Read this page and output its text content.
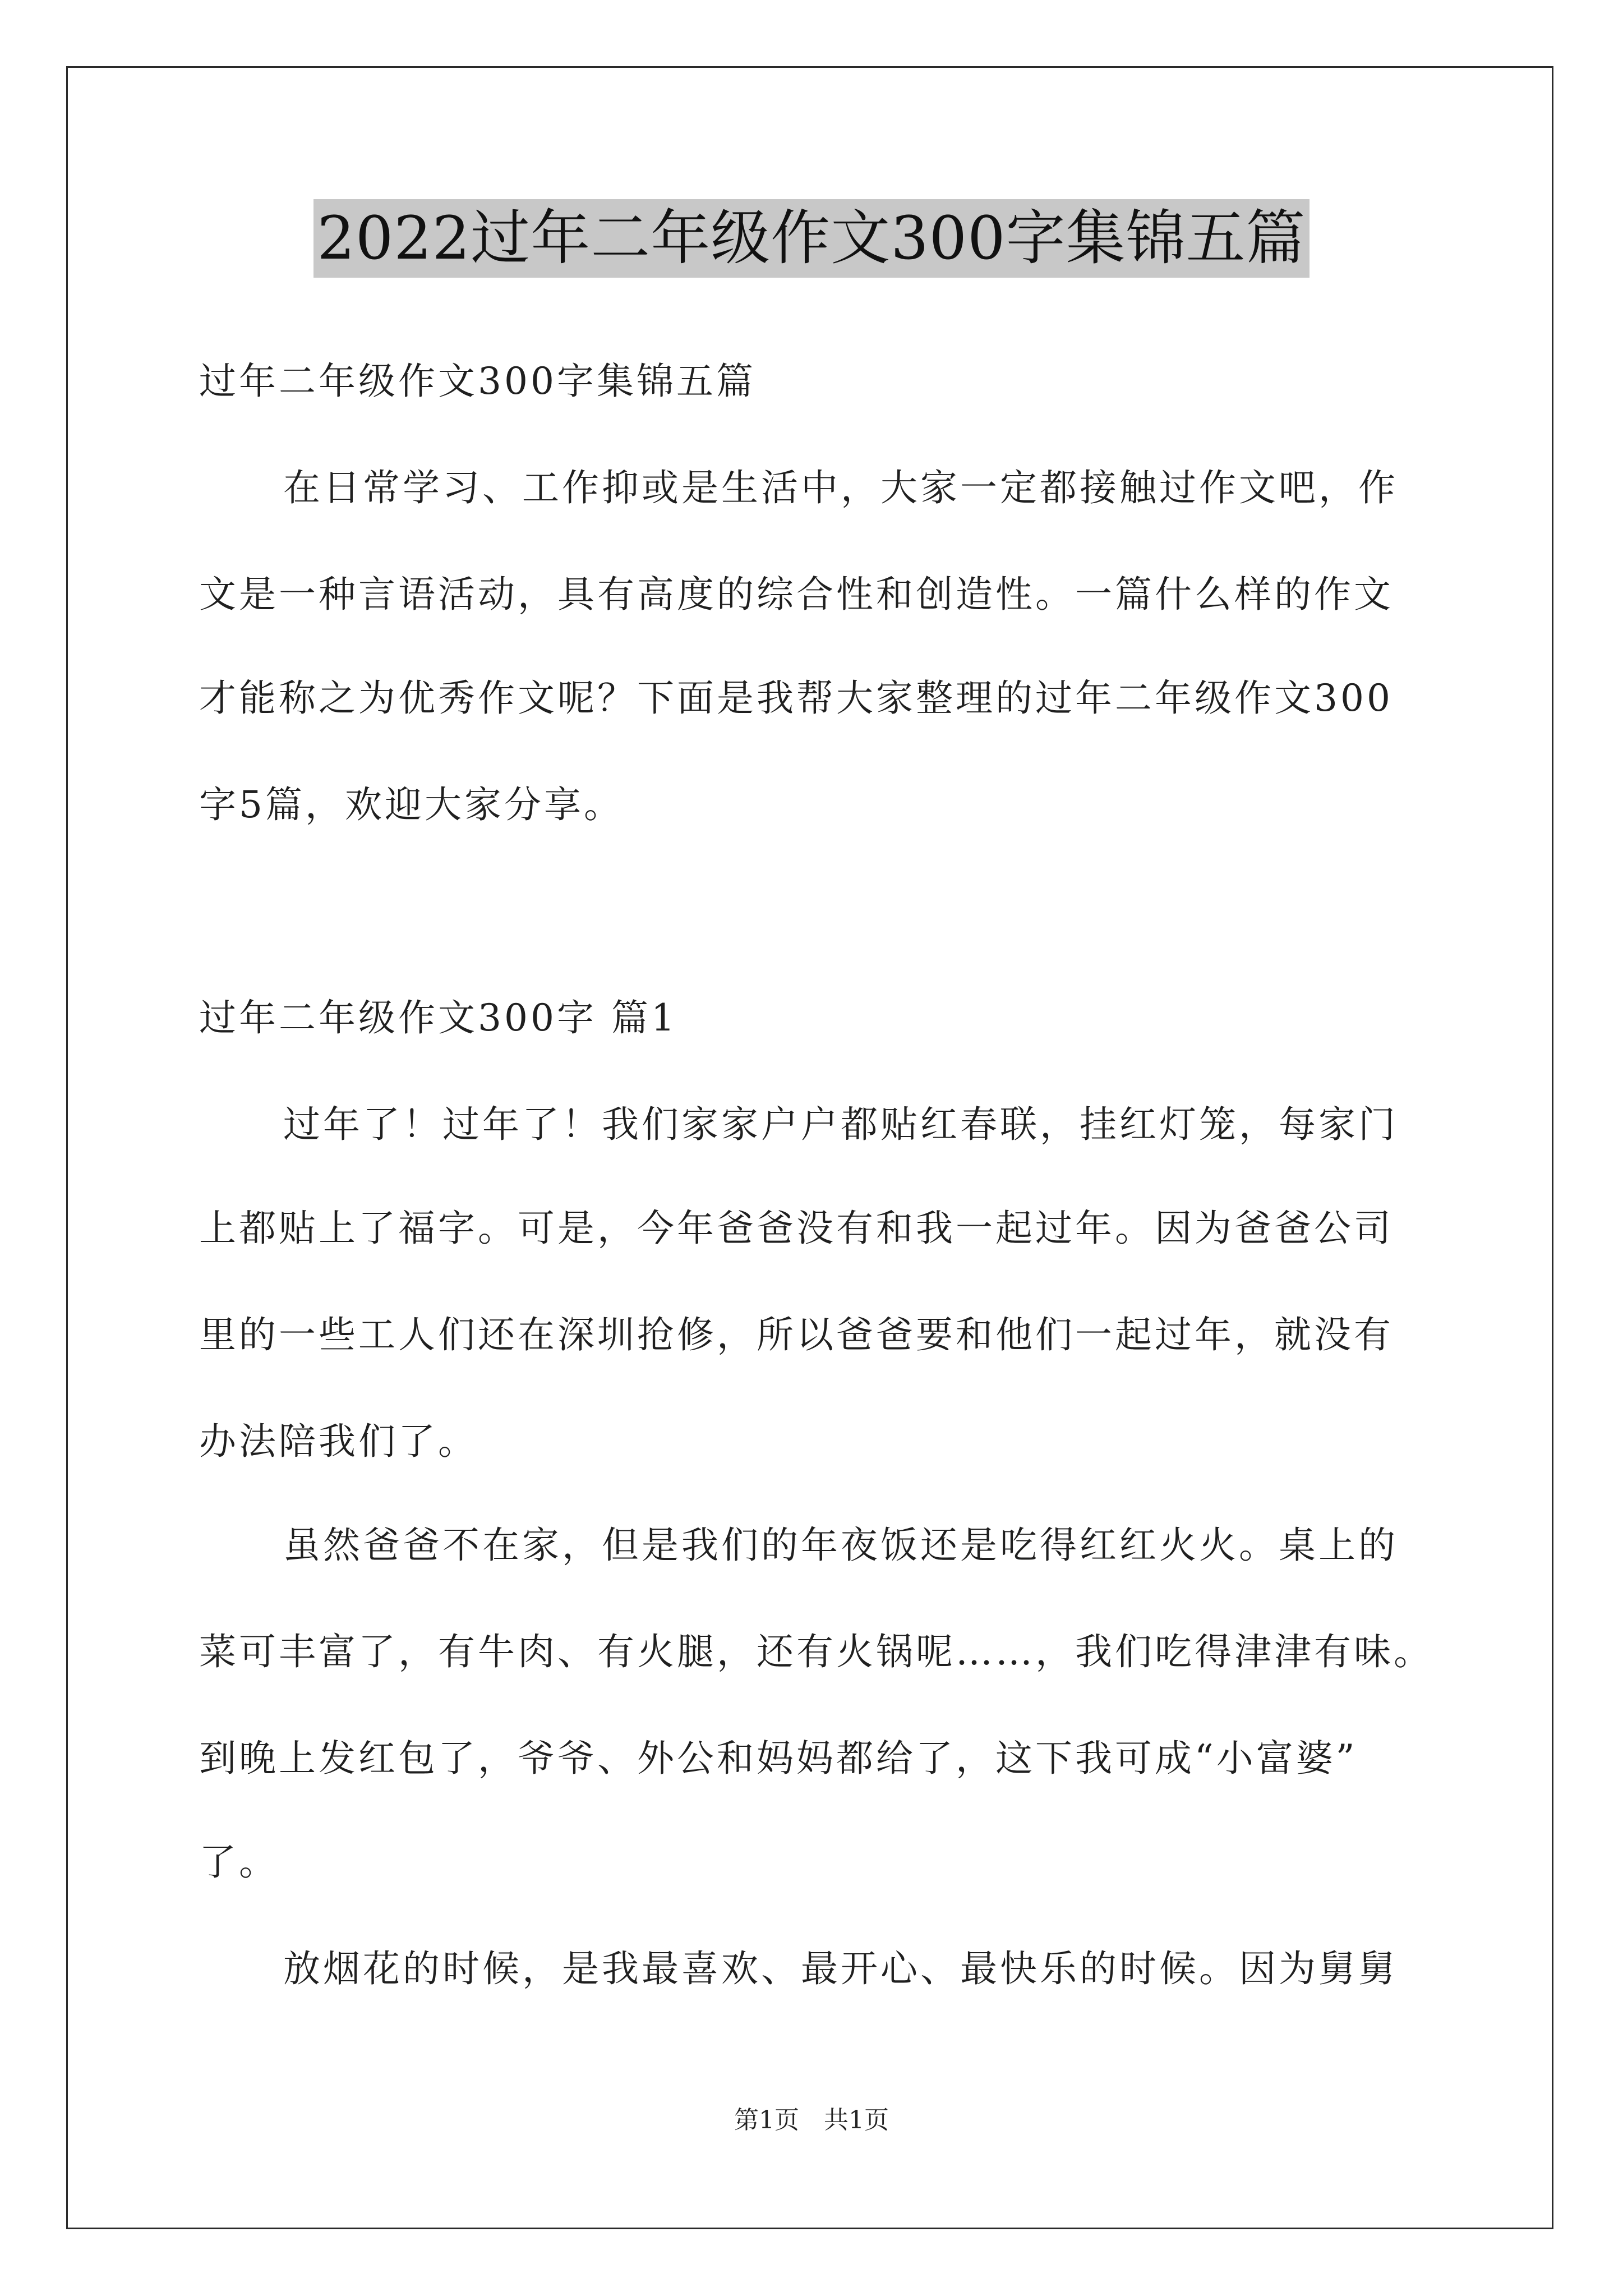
2022过年二年级作文300字集锦五篇
过年二年级作文300字集锦五篇
在日常学习、工作抑或是生活中，大家一定都接触过作文吧，作
文是一种言语活动，具有高度的综合性和创造性。一篇什么样的作文
才能称之为优秀作文呢？下面是我帮大家整理的过年二年级作文300
字5篇，欢迎大家分享。
过年二年级作文300字 篇1
过年了！过年了！我们家家户户都贴红春联，挂红灯笼，每家门
上都贴上了福字。可是，今年爸爸没有和我一起过年。因为爸爸公司
里的一些工人们还在深圳抢修，所以爸爸要和他们一起过年，就没有
办法陪我们了。
虽然爸爸不在家，但是我们的年夜饭还是吃得红红火火。桌上的
菜可丰富了，有牛肉、有火腿，还有火锅呢……，我们吃得津津有味。
到晚上发红包了，爷爷、外公和妈妈都给了，这下我可成“小富婆”
了。
放烟花的时候，是我最喜欢、最开心、最快乐的时候。因为舅舅
第1页　共1页
